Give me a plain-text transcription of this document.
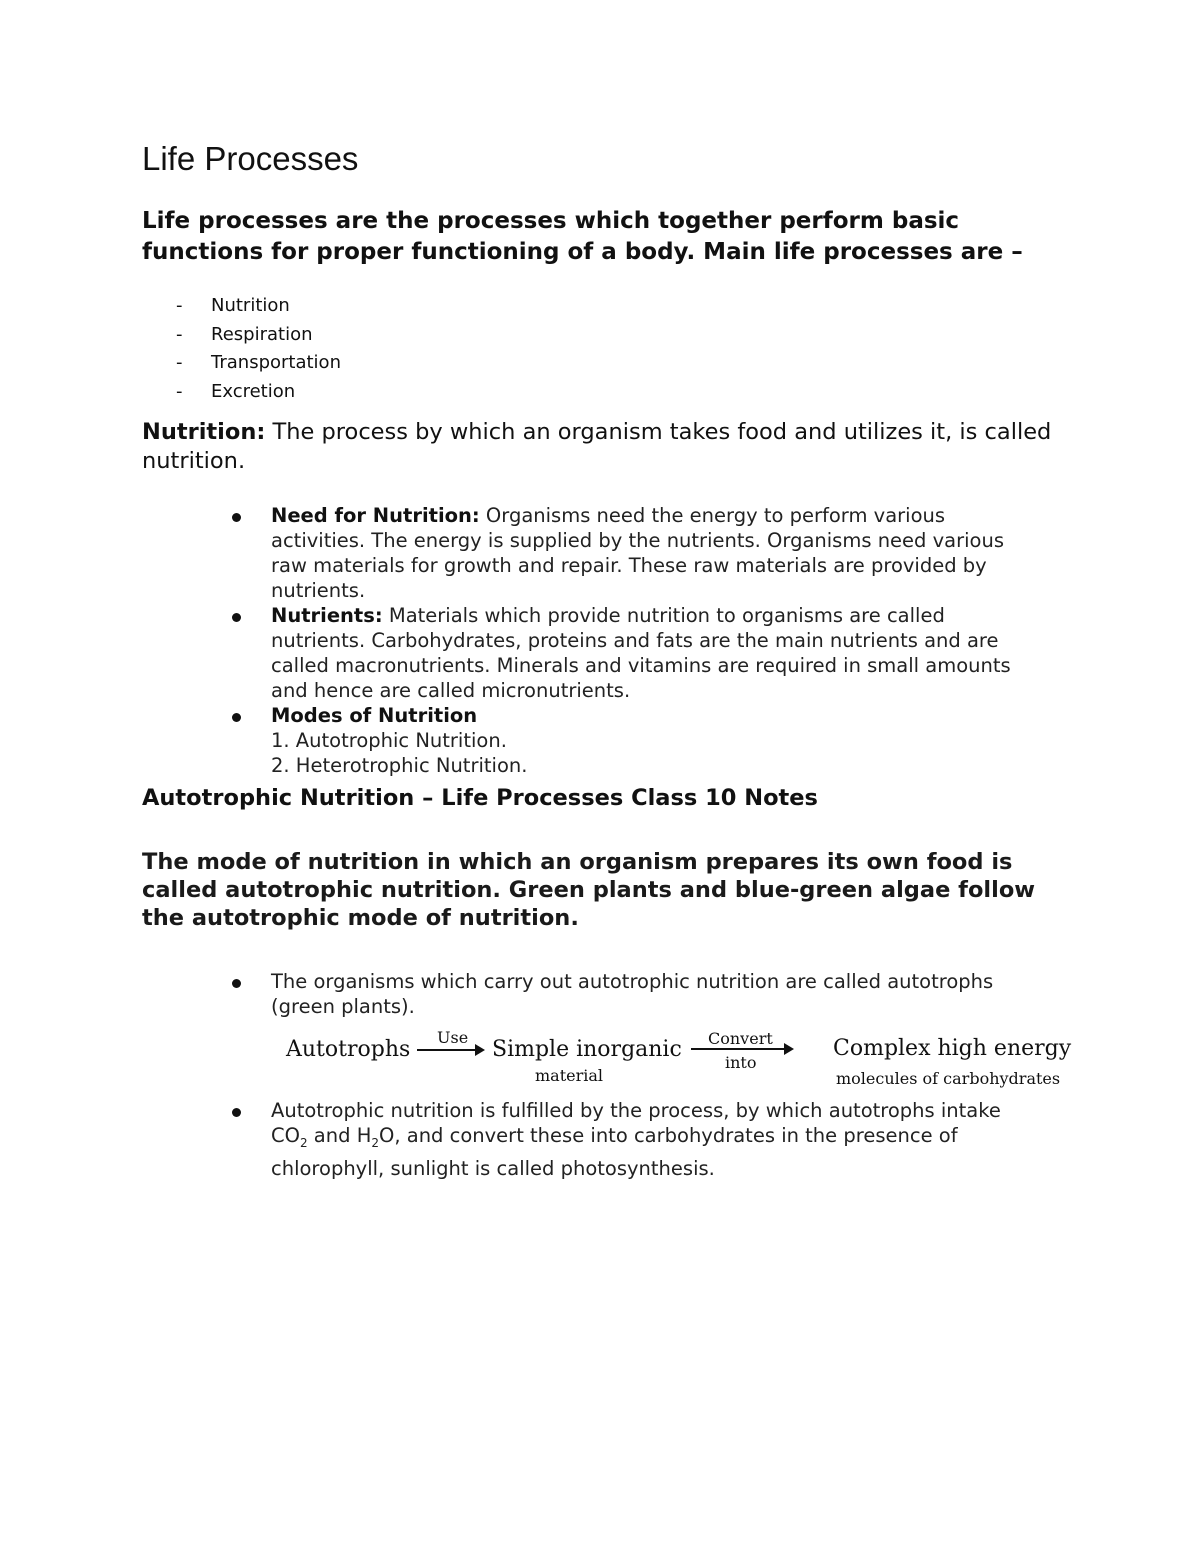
Life Processes

Life processes are the processes which together perform basic functions for proper functioning of a body. Main life processes are –

- Nutrition
- Respiration
- Transportation
- Excretion

Nutrition: The process by which an organism takes food and utilizes it, is called nutrition.

Need for Nutrition: Organisms need the energy to perform various activities. The energy is supplied by the nutrients. Organisms need various raw materials for growth and repair. These raw materials are provided by nutrients.
Nutrients: Materials which provide nutrition to organisms are called nutrients. Carbohydrates, proteins and fats are the main nutrients and are called macronutrients. Minerals and vitamins are required in small amounts and hence are called micronutrients.
Modes of Nutrition
1. Autotrophic Nutrition.
2. Heterotrophic Nutrition.
Autotrophic Nutrition – Life Processes Class 10 Notes

The mode of nutrition in which an organism prepares its own food is called autotrophic nutrition. Green plants and blue-green algae follow the autotrophic mode of nutrition.

The organisms which carry out autotrophic nutrition are called autotrophs (green plants).
Autotrophic nutrition is fulfilled by the process, by which autotrophs intake $CO_2$ and $H_2O$, and convert these into carbohydrates in the presence of chlorophyll, sunlight is called photosynthesis.
Autotrophs Use Simple inorganic
material
Convert
into
Complex high energy
molecules of carbohydrates
